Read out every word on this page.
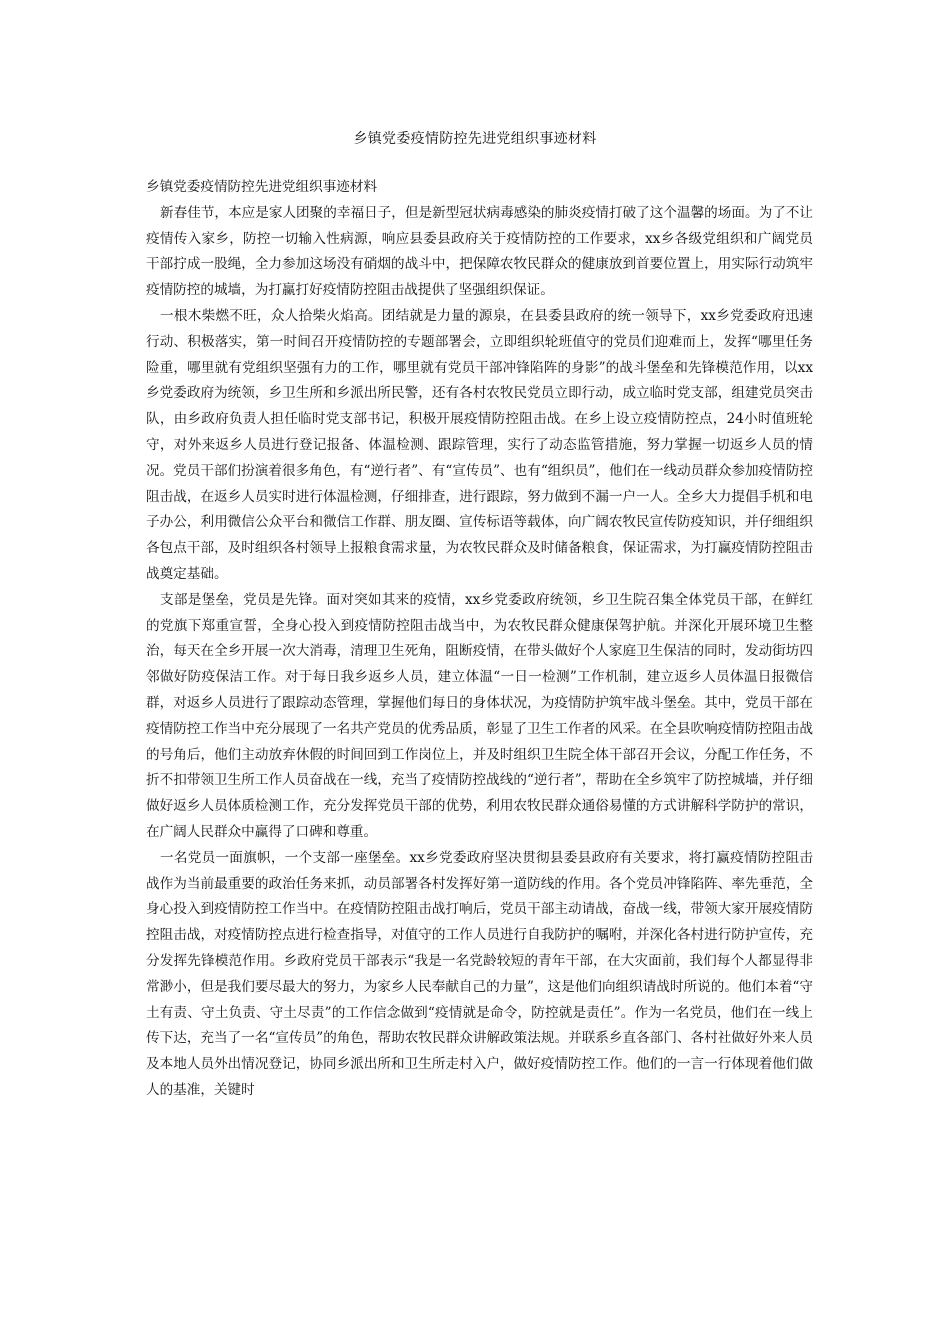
乡镇党委疫情防控先进党组织事迹材料

乡镇党委疫情防控先进党组织事迹材料

新春佳节，本应是家人团聚的幸福日子，但是新型冠状病毒感染的肺炎疫情打破了这个温馨的场面。为了不让疫情传入家乡，防控一切输入性病源，响应县委县政府关于疫情防控的工作要求，xx乡各级党组织和广阔党员干部拧成一股绳，全力参加这场没有硝烟的战斗中，把保障农牧民群众的健康放到首要位置上，用实际行动筑牢疫情防控的城墙，为打赢打好疫情防控阻击战提供了坚强组织保证。

一根木柴燃不旺，众人拾柴火焰高。团结就是力量的源泉，在县委县政府的统一领导下，xx乡党委政府迅速行动、积极落实，第一时间召开疫情防控的专题部署会，立即组织轮班值守的党员们迎难而上，发挥“哪里任务险重，哪里就有党组织坚强有力的工作，哪里就有党员干部冲锋陷阵的身影”的战斗堡垒和先锋模范作用，以xx乡党委政府为统领，乡卫生所和乡派出所民警，还有各村农牧民党员立即行动，成立临时党支部，组建党员突击队，由乡政府负责人担任临时党支部书记，积极开展疫情防控阻击战。在乡上设立疫情防控点，24小时值班轮守，对外来返乡人员进行登记报备、体温检测、跟踪管理，实行了动态监管措施，努力掌握一切返乡人员的情况。党员干部们扮演着很多角色，有“逆行者”、有“宣传员”、也有“组织员”，他们在一线动员群众参加疫情防控阻击战，在返乡人员实时进行体温检测，仔细排查，进行跟踪，努力做到不漏一户一人。全乡大力提倡手机和电子办公，利用微信公众平台和微信工作群、朋友圈、宣传标语等载体，向广阔农牧民宣传防疫知识，并仔细组织各包点干部，及时组织各村领导上报粮食需求量，为农牧民群众及时储备粮食，保证需求，为打赢疫情防控阻击战奠定基础。

支部是堡垒，党员是先锋。面对突如其来的疫情，xx乡党委政府统领，乡卫生院召集全体党员干部，在鲜红的党旗下郑重宣誓，全身心投入到疫情防控阻击战当中，为农牧民群众健康保驾护航。并深化开展环境卫生整治，每天在全乡开展一次大消毒，清理卫生死角，阻断疫情，在带头做好个人家庭卫生保洁的同时，发动街坊四邻做好防疫保洁工作。对于每日我乡返乡人员，建立体温“一日一检测”工作机制，建立返乡人员体温日报微信群，对返乡人员进行了跟踪动态管理，掌握他们每日的身体状况，为疫情防护筑牢战斗堡垒。其中，党员干部在疫情防控工作当中充分展现了一名共产党员的优秀品质，彰显了卫生工作者的风采。在全县吹响疫情防控阻击战的号角后，他们主动放弃休假的时间回到工作岗位上，并及时组织卫生院全体干部召开会议，分配工作任务，不折不扣带领卫生所工作人员奋战在一线，充当了疫情防控战线的“逆行者”，帮助在全乡筑牢了防控城墙，并仔细做好返乡人员体质检测工作，充分发挥党员干部的优势，利用农牧民群众通俗易懂的方式讲解科学防护的常识，在广阔人民群众中赢得了口碑和尊重。

一名党员一面旗帜，一个支部一座堡垒。xx乡党委政府坚决贯彻县委县政府有关要求，将打赢疫情防控阻击战作为当前最重要的政治任务来抓，动员部署各村发挥好第一道防线的作用。各个党员冲锋陷阵、率先垂范，全身心投入到疫情防控工作当中。在疫情防控阻击战打响后，党员干部主动请战，奋战一线，带领大家开展疫情防控阻击战，对疫情防控点进行检查指导，对值守的工作人员进行自我防护的嘱咐，并深化各村进行防护宣传，充分发挥先锋模范作用。乡政府党员干部表示“我是一名党龄较短的青年干部，在大灾面前，我们每个人都显得非常渺小，但是我们要尽最大的努力，为家乡人民奉献自己的力量”，这是他们向组织请战时所说的。他们本着“守土有责、守土负责、守土尽责”的工作信念做到“疫情就是命令，防控就是责任”。作为一名党员，他们在一线上传下达，充当了一名“宣传员”的角色，帮助农牧民群众讲解政策法规。并联系乡直各部门、各村社做好外来人员及本地人员外出情况登记，协同乡派出所和卫生所走村入户，做好疫情防控工作。他们的一言一行体现着他们做人的基准，关键时
